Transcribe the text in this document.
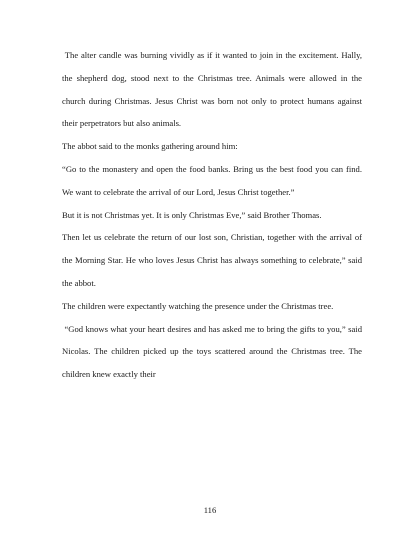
The alter candle was burning vividly as if it wanted to join in the excitement. Hally, the shepherd dog, stood next to the Christmas tree. Animals were allowed in the church during Christmas. Jesus Christ was born not only to protect humans against their perpetrators but also animals.

The abbot said to the monks gathering around him:

“Go to the monastery and open the food banks. Bring us the best food you can find. We want to celebrate the arrival of our Lord, Jesus Christ together.”

But it is not Christmas yet. It is only Christmas Eve,” said Brother Thomas.

Then let us celebrate the return of our lost son, Christian, together with the arrival of the Morning Star. He who loves Jesus Christ has always something to celebrate,” said the abbot.

The children were expectantly watching the presence under the Christmas tree.

“God knows what your heart desires and has asked me to bring the gifts to you,” said Nicolas. The children picked up the toys scattered around the Christmas tree. The children knew exactly their

116
